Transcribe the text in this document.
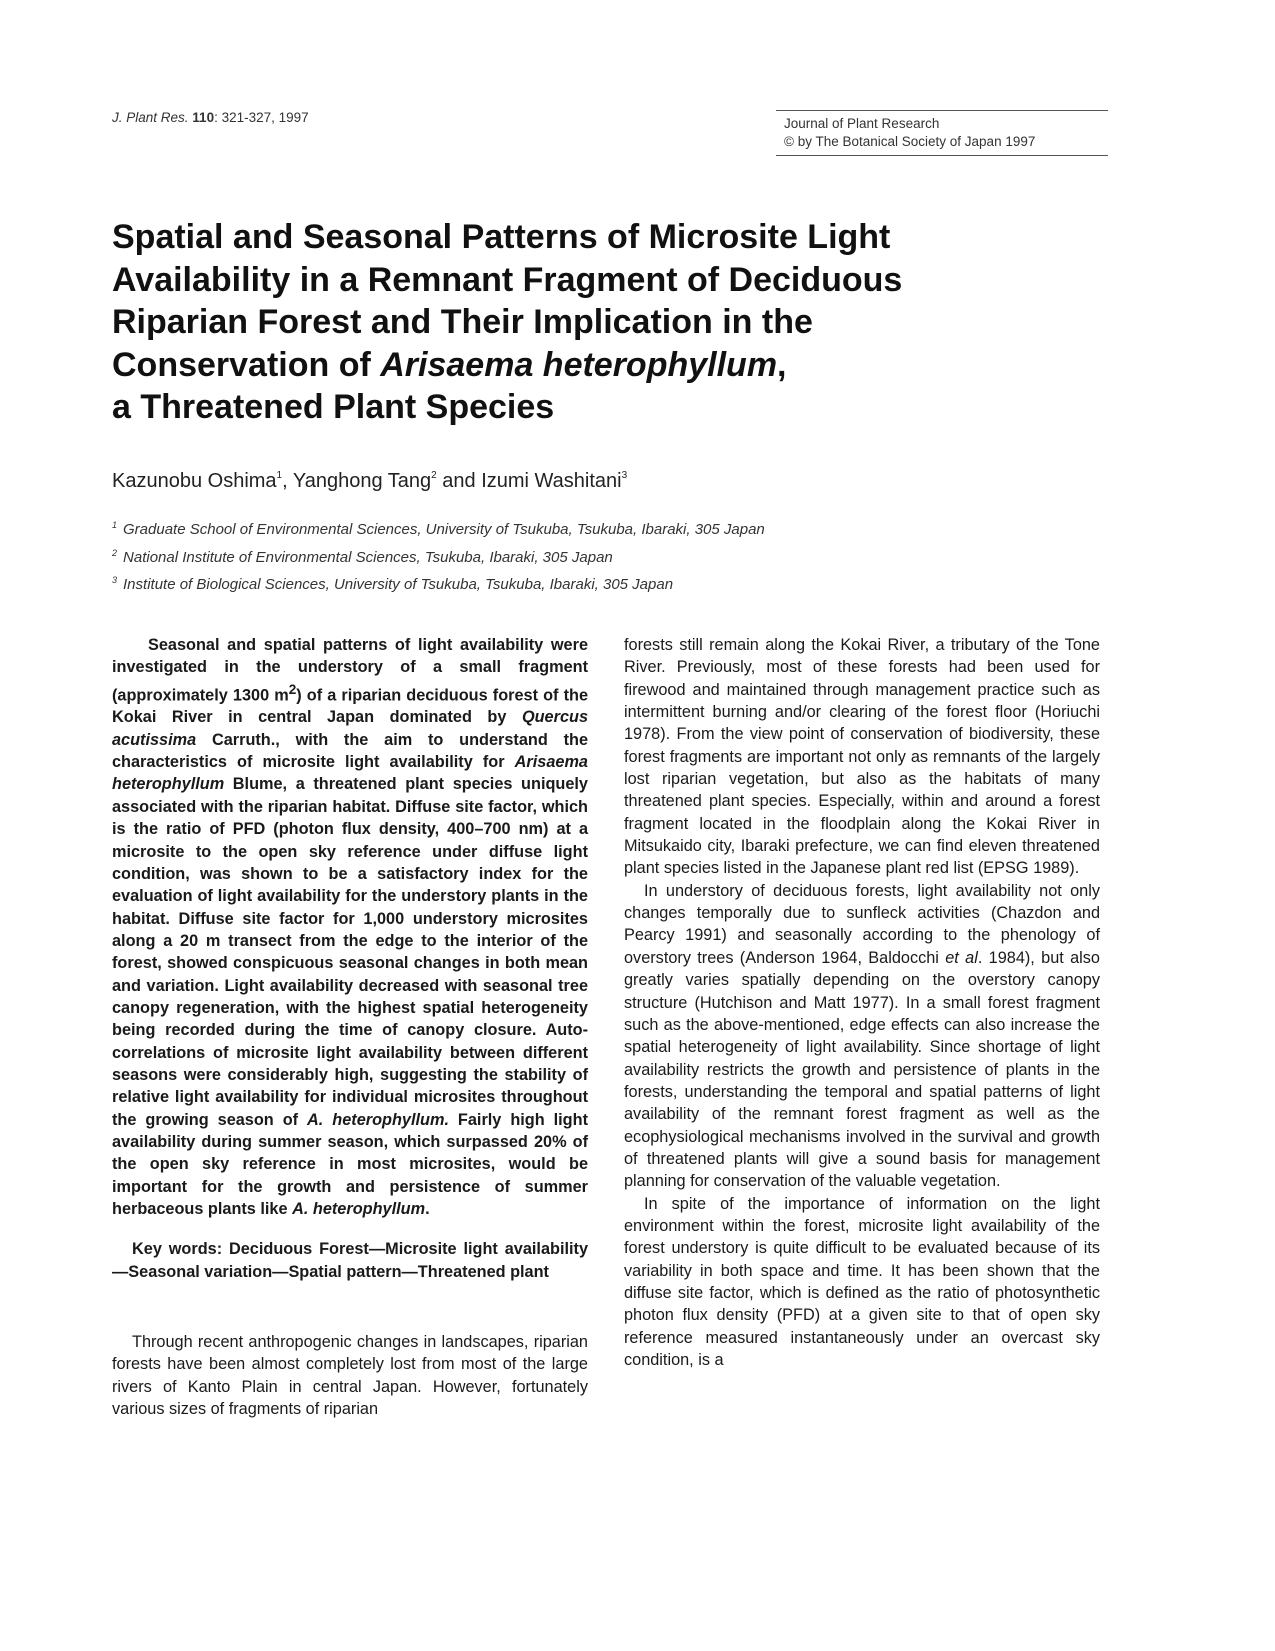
J. Plant Res. 110: 321-327, 1997	Journal of Plant Research
© by The Botanical Society of Japan 1997
Spatial and Seasonal Patterns of Microsite Light
Availability in a Remnant Fragment of Deciduous
Riparian Forest and Their Implication in the
Conservation of Arisaema heterophyllum,
a Threatened Plant Species
Kazunobu Oshima$^1$, Yanghong Tang$^2$ and Izumi Washitani$^3$
$^1$ Graduate School of Environmental Sciences, University of Tsukuba, Tsukuba, Ibaraki, 305 Japan
$^2$ National Institute of Environmental Sciences, Tsukuba, Ibaraki, 305 Japan
$^3$ Institute of Biological Sciences, University of Tsukuba, Tsukuba, Ibaraki, 305 Japan

Seasonal and spatial patterns of light availability were investigated in the understory of a small fragment (approximately 1300 $m^2$) of a riparian deciduous forest of the Kokai River in central Japan dominated by Quercus acutissima Carruth., with the aim to understand the characteristics of microsite light availability for Arisaema heterophyllum Blume, a threatened plant species uniquely associated with the riparian habitat. Diffuse site factor, which is the ratio of PFD (photon flux density, 400–700 nm) at a microsite to the open sky reference under diffuse light condition, was shown to be a satisfactory index for the evaluation of light availability for the understory plants in the habitat. Diffuse site factor for 1,000 understory microsites along a 20 m transect from the edge to the interior of the forest, showed conspicuous seasonal changes in both mean and variation. Light availability decreased with seasonal tree canopy regeneration, with the highest spatial heterogeneity being recorded during the time of canopy closure. Auto-correlations of microsite light availability between different seasons were considerably high, suggesting the stability of relative light availability for individual microsites throughout the growing season of A. heterophyllum. Fairly high light availability during summer season, which surpassed 20% of the open sky reference in most microsites, would be important for the growth and persistence of summer herbaceous plants like A. heterophyllum.

Key words: Deciduous Forest—Microsite light availability—Seasonal variation—Spatial pattern—Threatened plant

Through recent anthropogenic changes in landscapes, riparian forests have been almost completely lost from most of the large rivers of Kanto Plain in central Japan. However, fortunately various sizes of fragments of riparian

forests still remain along the Kokai River, a tributary of the Tone River. Previously, most of these forests had been used for firewood and maintained through management practice such as intermittent burning and/or clearing of the forest floor (Horiuchi 1978). From the view point of conservation of biodiversity, these forest fragments are important not only as remnants of the largely lost riparian vegetation, but also as the habitats of many threatened plant species. Especially, within and around a forest fragment located in the floodplain along the Kokai River in Mitsukaido city, Ibaraki prefecture, we can find eleven threatened plant species listed in the Japanese plant red list (EPSG 1989).

In understory of deciduous forests, light availability not only changes temporally due to sunfleck activities (Chazdon and Pearcy 1991) and seasonally according to the phenology of overstory trees (Anderson 1964, Baldocchi et al. 1984), but also greatly varies spatially depending on the overstory canopy structure (Hutchison and Matt 1977). In a small forest fragment such as the above-mentioned, edge effects can also increase the spatial heterogeneity of light availability. Since shortage of light availability restricts the growth and persistence of plants in the forests, understanding the temporal and spatial patterns of light availability of the remnant forest fragment as well as the ecophysiological mechanisms involved in the survival and growth of threatened plants will give a sound basis for management planning for conservation of the valuable vegetation.

In spite of the importance of information on the light environment within the forest, microsite light availability of the forest understory is quite difficult to be evaluated because of its variability in both space and time. It has been shown that the diffuse site factor, which is defined as the ratio of photosynthetic photon flux density (PFD) at a given site to that of open sky reference measured instantaneously under an overcast sky condition, is a
